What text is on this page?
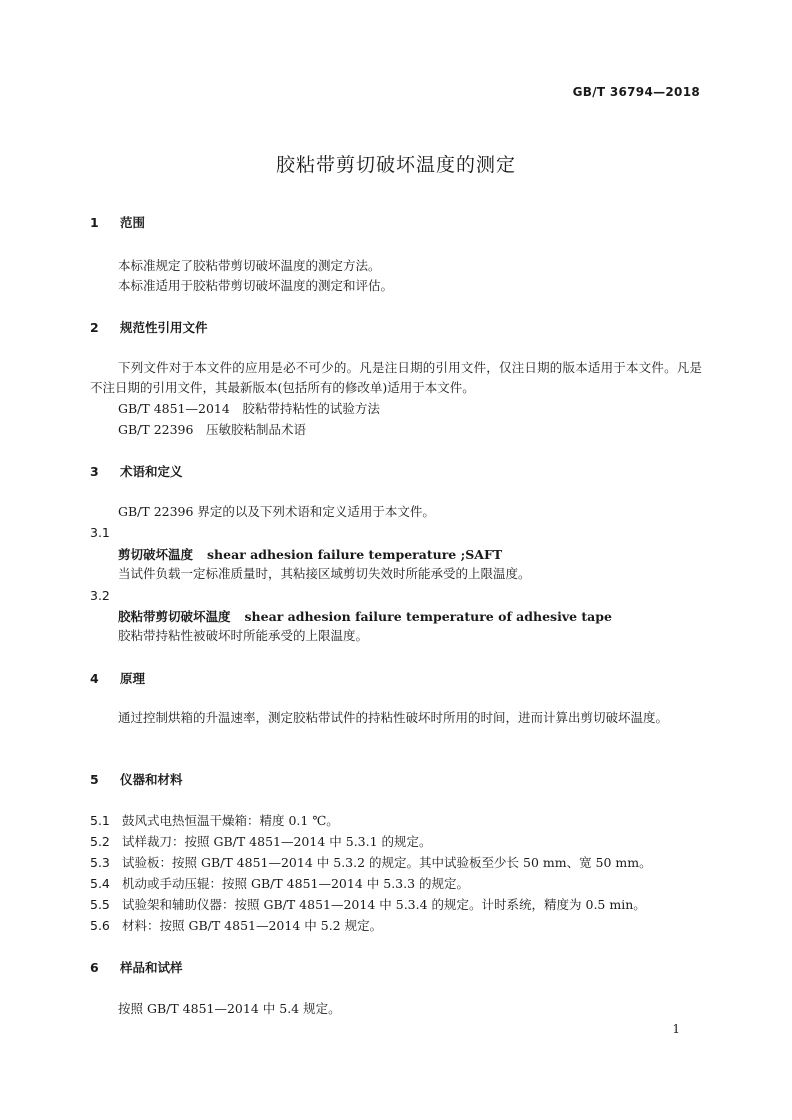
GB/T 36794—2018
胶粘带剪切破坏温度的测定
1 范围
本标准规定了胶粘带剪切破坏温度的测定方法。
本标准适用于胶粘带剪切破坏温度的测定和评估。
2 规范性引用文件
下列文件对于本文件的应用是必不可少的。凡是注日期的引用文件，仅注日期的版本适用于本文件。凡是不注日期的引用文件，其最新版本(包括所有的修改单)适用于本文件。
GB/T 4851—2014　胶粘带持粘性的试验方法
GB/T 22396　压敏胶粘制品术语
3 术语和定义
GB/T 22396 界定的以及下列术语和定义适用于本文件。
3.1
剪切破坏温度 shear adhesion failure temperature ;SAFT
当试件负载一定标准质量时，其粘接区域剪切失效时所能承受的上限温度。
3.2
胶粘带剪切破坏温度 shear adhesion failure temperature of adhesive tape
胶粘带持粘性被破坏时所能承受的上限温度。
4 原理
通过控制烘箱的升温速率，测定胶粘带试件的持粘性破坏时所用的时间，进而计算出剪切破坏温度。
5 仪器和材料
5.1 鼓风式电热恒温干燥箱：精度 0.1 ℃。
5.2 试样裁刀：按照 GB/T 4851—2014 中 5.3.1 的规定。
5.3 试验板：按照 GB/T 4851—2014 中 5.3.2 的规定。其中试验板至少长 50 mm、宽 50 mm。
5.4 机动或手动压辊：按照 GB/T 4851—2014 中 5.3.3 的规定。
5.5 试验架和辅助仪器：按照 GB/T 4851—2014 中 5.3.4 的规定。计时系统，精度为 0.5 min。
5.6 材料：按照 GB/T 4851—2014 中 5.2 规定。
6 样品和试样
按照 GB/T 4851—2014 中 5.4 规定。
1
